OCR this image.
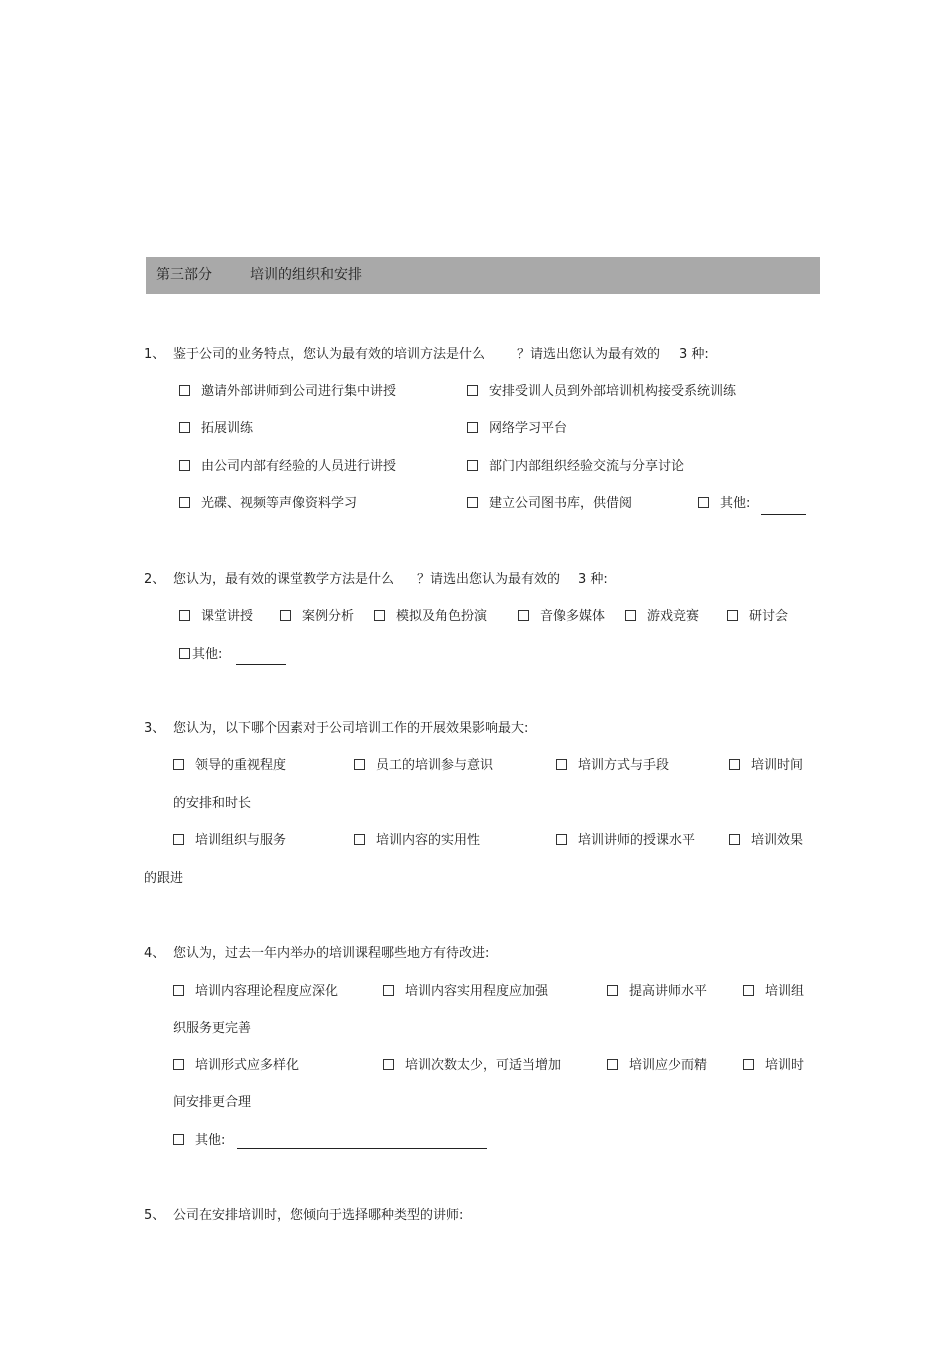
第三部分	培训的组织和安排
1、 鉴于公司的业务特点，您认为最有效的培训方法是什么 ？请选出您认为最有效的 3 种:
邀请外部讲师到公司进行集中讲授	安排受训人员到外部培训机构接受系统训练
拓展训练	网络学习平台
由公司内部有经验的人员进行讲授	部门内部组织经验交流与分享讨论
光碟、视频等声像资料学习	建立公司图书库，供借阅	其他:
2、 您认为，最有效的课堂教学方法是什么 ？请选出您认为最有效的 3 种:
课堂讲授	案例分析	模拟及角色扮演	音像多媒体	游戏竞赛	研讨会
其他:
3、 您认为，以下哪个因素对于公司培训工作的开展效果影响最大:
领导的重视程度	员工的培训参与意识	培训方式与手段	培训时间
的安排和时长
培训组织与服务	培训内容的实用性	培训讲师的授课水平	培训效果
的跟进
4、 您认为，过去一年内举办的培训课程哪些地方有待改进:
培训内容理论程度应深化	培训内容实用程度应加强	提高讲师水平	培训组
织服务更完善
培训形式应多样化	培训次数太少，可适当增加	培训应少而精	培训时
间安排更合理
其他:
5、 公司在安排培训时，您倾向于选择哪种类型的讲师:
